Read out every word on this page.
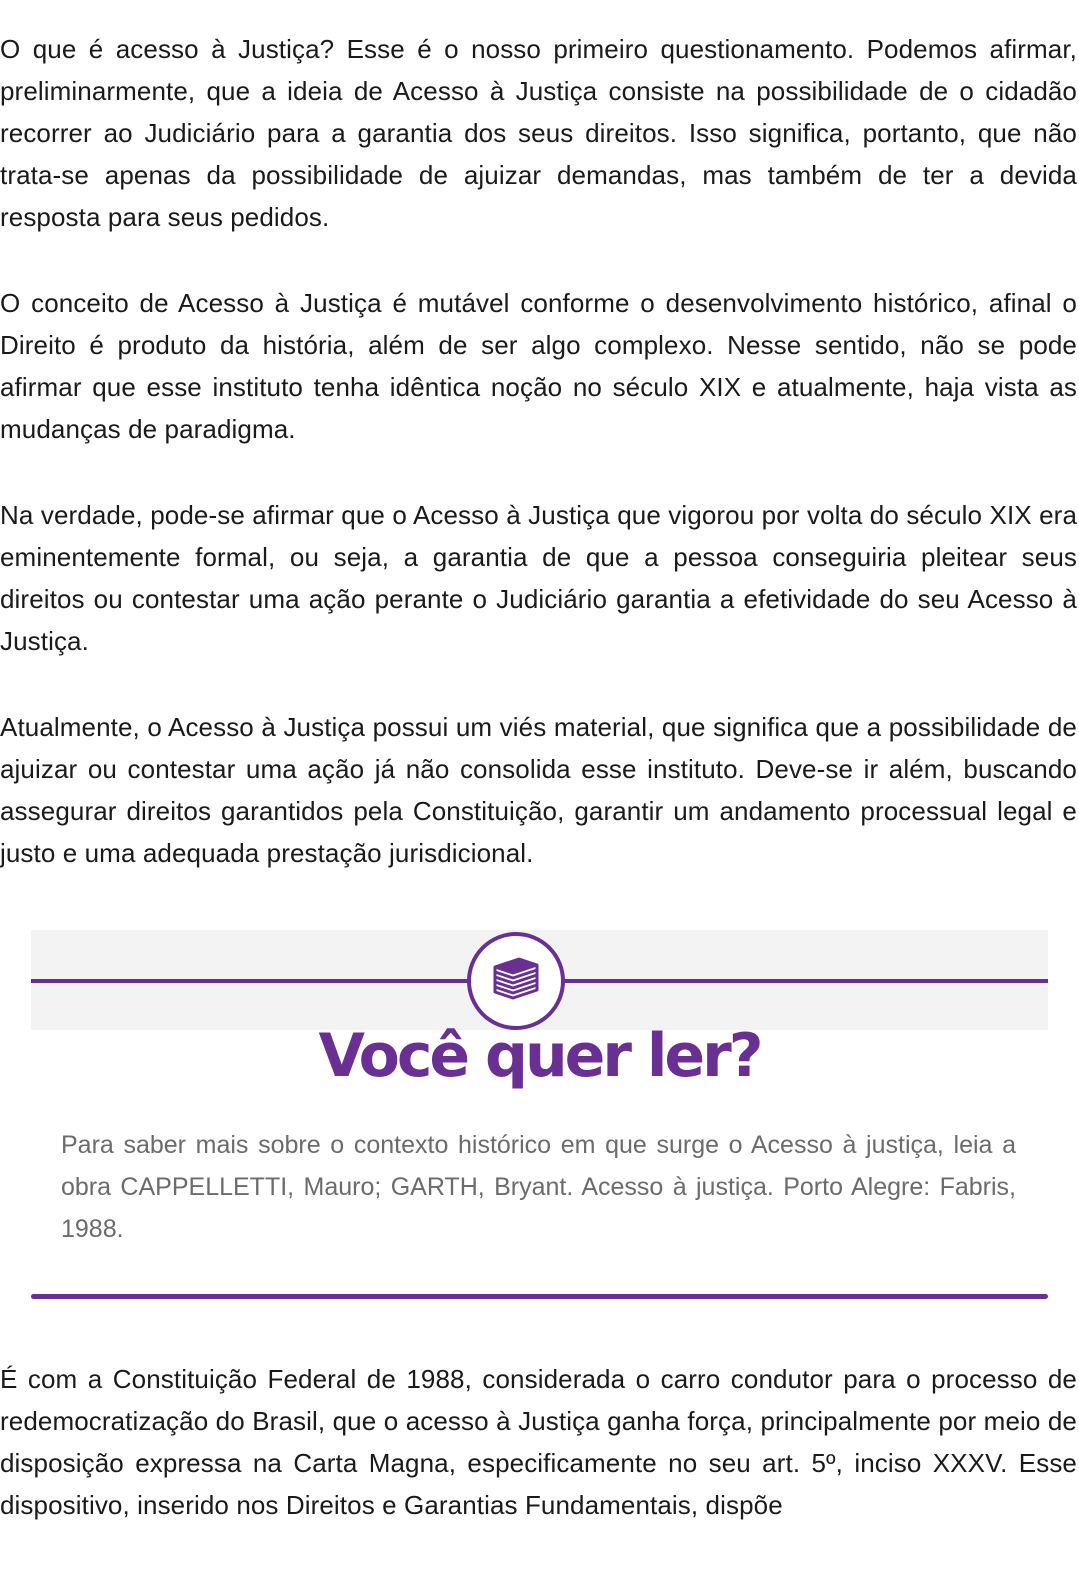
O que é acesso à Justiça? Esse é o nosso primeiro questionamento. Podemos afirmar, preliminarmente, que a ideia de Acesso à Justiça consiste na possibilidade de o cidadão recorrer ao Judiciário para a garantia dos seus direitos. Isso significa, portanto, que não trata-se apenas da possibilidade de ajuizar demandas, mas também de ter a devida resposta para seus pedidos.

O conceito de Acesso à Justiça é mutável conforme o desenvolvimento histórico, afinal o Direito é produto da história, além de ser algo complexo. Nesse sentido, não se pode afirmar que esse instituto tenha idêntica noção no século XIX e atualmente, haja vista as mudanças de paradigma.

Na verdade, pode-se afirmar que o Acesso à Justiça que vigorou por volta do século XIX era eminentemente formal, ou seja, a garantia de que a pessoa conseguiria pleitear seus direitos ou contestar uma ação perante o Judiciário garantia a efetividade do seu Acesso à Justiça.

Atualmente, o Acesso à Justiça possui um viés material, que significa que a possibilidade de ajuizar ou contestar uma ação já não consolida esse instituto. Deve-se ir além, buscando assegurar direitos garantidos pela Constituição, garantir um andamento processual legal e justo e uma adequada prestação jurisdicional.

Você quer ler?
Para saber mais sobre o contexto histórico em que surge o Acesso à justiça, leia a obra CAPPELLETTI, Mauro; GARTH, Bryant. Acesso à justiça. Porto Alegre: Fabris, 1988.

É com a Constituição Federal de 1988, considerada o carro condutor para o processo de redemocratização do Brasil, que o acesso à Justiça ganha força, principalmente por meio de disposição expressa na Carta Magna, especificamente no seu art. 5º, inciso XXXV. Esse dispositivo, inserido nos Direitos e Garantias Fundamentais, dispõe
